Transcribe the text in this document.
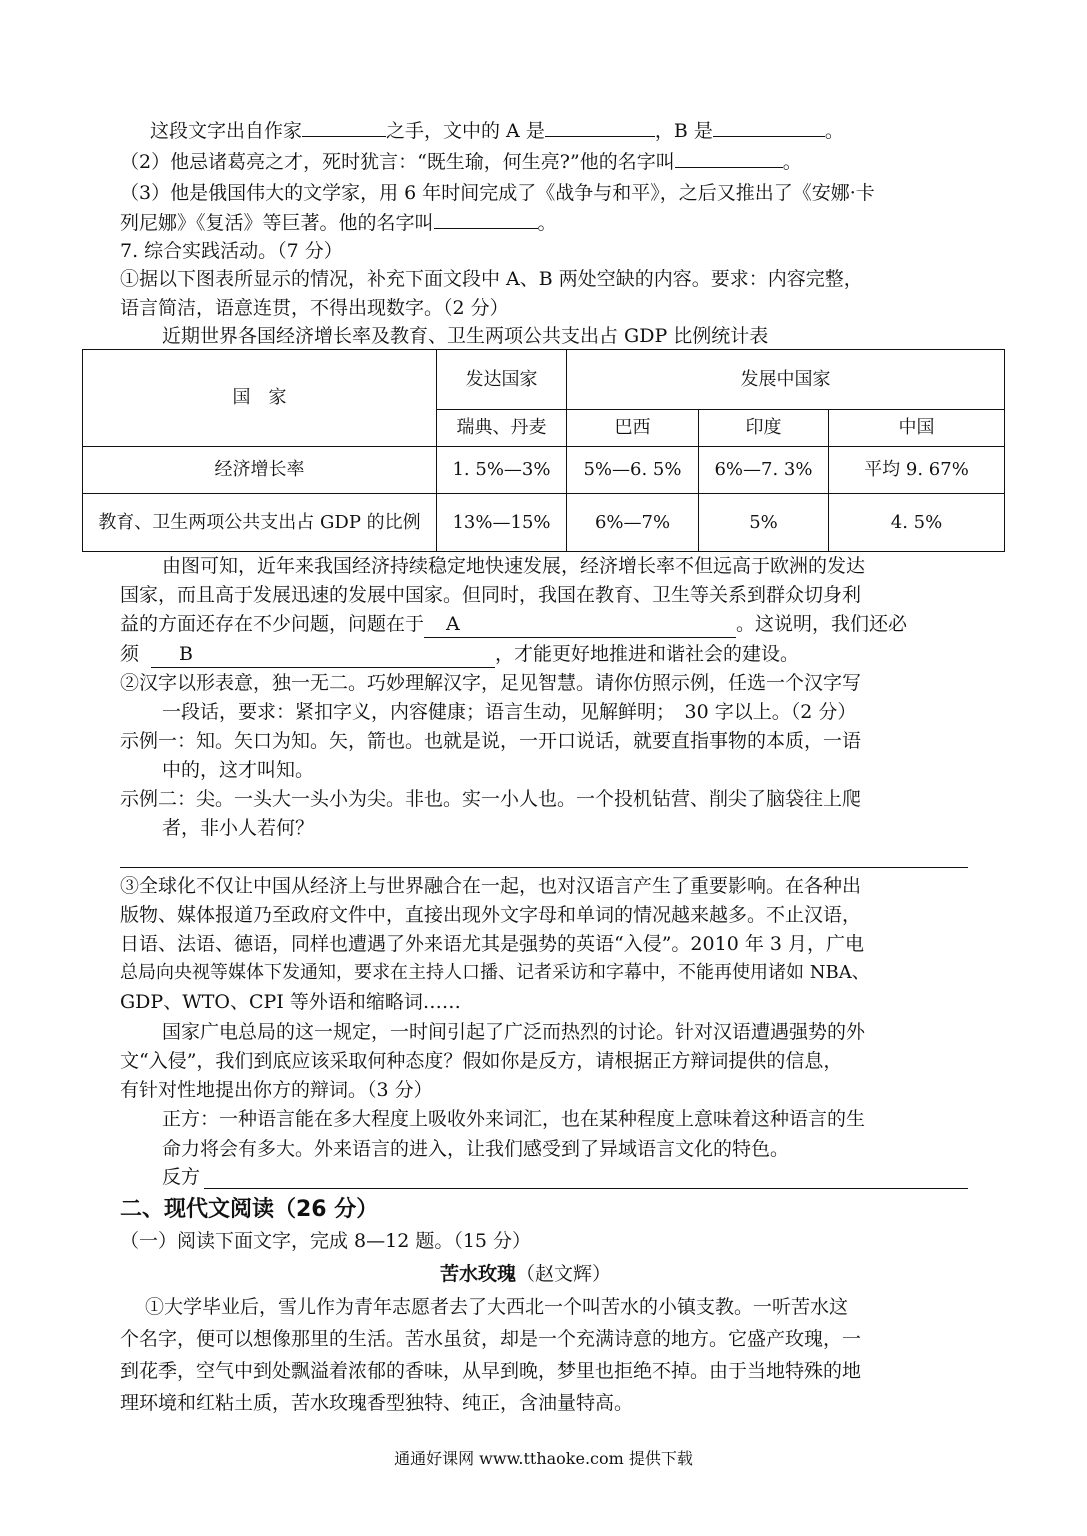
这段文字出自作家	之手，文中的 A 是	，B 是	。
（2）他忌诸葛亮之才，死时犹言：“既生瑜，何生亮?”他的名字叫	。
（3）他是俄国伟大的文学家，用 6 年时间完成了《战争与和平》，之后又推出了《安娜·卡
列尼娜》《复活》等巨著。他的名字叫	。
7. 综合实践活动。（7 分）
①据以下图表所显示的情况，补充下面文段中 A、B 两处空缺的内容。要求：内容完整，
语言简洁，语意连贯，不得出现数字。（2 分）
近期世界各国经济增长率及教育、卫生两项公共支出占 GDP 比例统计表
国　家	发达国家	发展中国家		
	瑞典、丹麦	巴西	印度	中国
经济增长率	1. 5%—3%	5%—6. 5%	6%—7. 3%	平均 9. 67%
教育、卫生两项公共支出占 GDP 的比例	13%—15%	6%—7%	5%	4. 5%
由图可知，近年来我国经济持续稳定地快速发展，经济增长率不但远高于欧洲的发达
国家，而且高于发展迅速的发展中国家。但同时，我国在教育、卫生等关系到群众切身利
益的方面还存在不少问题，问题在于 A	。这说明，我们还必
须 B	，才能更好地推进和谐社会的建设。
②汉字以形表意，独一无二。巧妙理解汉字，足见智慧。请你仿照示例，任选一个汉字写
一段话，要求：紧扣字义，内容健康；语言生动，见解鲜明；　30 字以上。（2 分）
示例一：知。矢口为知。矢，箭也。也就是说，一开口说话，就要直指事物的本质，一语
中的，这才叫知。
示例二：尖。一头大一头小为尖。非也。实一小人也。一个投机钻营、削尖了脑袋往上爬
者，非小人若何？
③全球化不仅让中国从经济上与世界融合在一起，也对汉语言产生了重要影响。在各种出
版物、媒体报道乃至政府文件中，直接出现外文字母和单词的情况越来越多。不止汉语，
日语、法语、德语，同样也遭遇了外来语尤其是强势的英语“入侵”。2010 年 3 月，广电
总局向央视等媒体下发通知，要求在主持人口播、记者采访和字幕中，不能再使用诸如 NBA、
GDP、WTO、CPI 等外语和缩略词……
国家广电总局的这一规定，一时间引起了广泛而热烈的讨论。针对汉语遭遇强势的外
文“入侵”，我们到底应该采取何种态度？假如你是反方，请根据正方辩词提供的信息，
有针对性地提出你方的辩词。（3 分）
正方：一种语言能在多大程度上吸收外来词汇，也在某种程度上意味着这种语言的生
命力将会有多大。外来语言的进入，让我们感受到了异域语言文化的特色。
反方
二、现代文阅读（26 分）
（一）阅读下面文字，完成 8—12 题。（15 分）
苦水玫瑰（赵文辉）
①大学毕业后，雪儿作为青年志愿者去了大西北一个叫苦水的小镇支教。一听苦水这
个名字，便可以想像那里的生活。苦水虽贫，却是一个充满诗意的地方。它盛产玫瑰，一
到花季，空气中到处飘溢着浓郁的香味，从早到晚，梦里也拒绝不掉。由于当地特殊的地
理环境和红粘土质，苦水玫瑰香型独特、纯正，含油量特高。
通通好课网 www.tthaoke.com 提供下载
